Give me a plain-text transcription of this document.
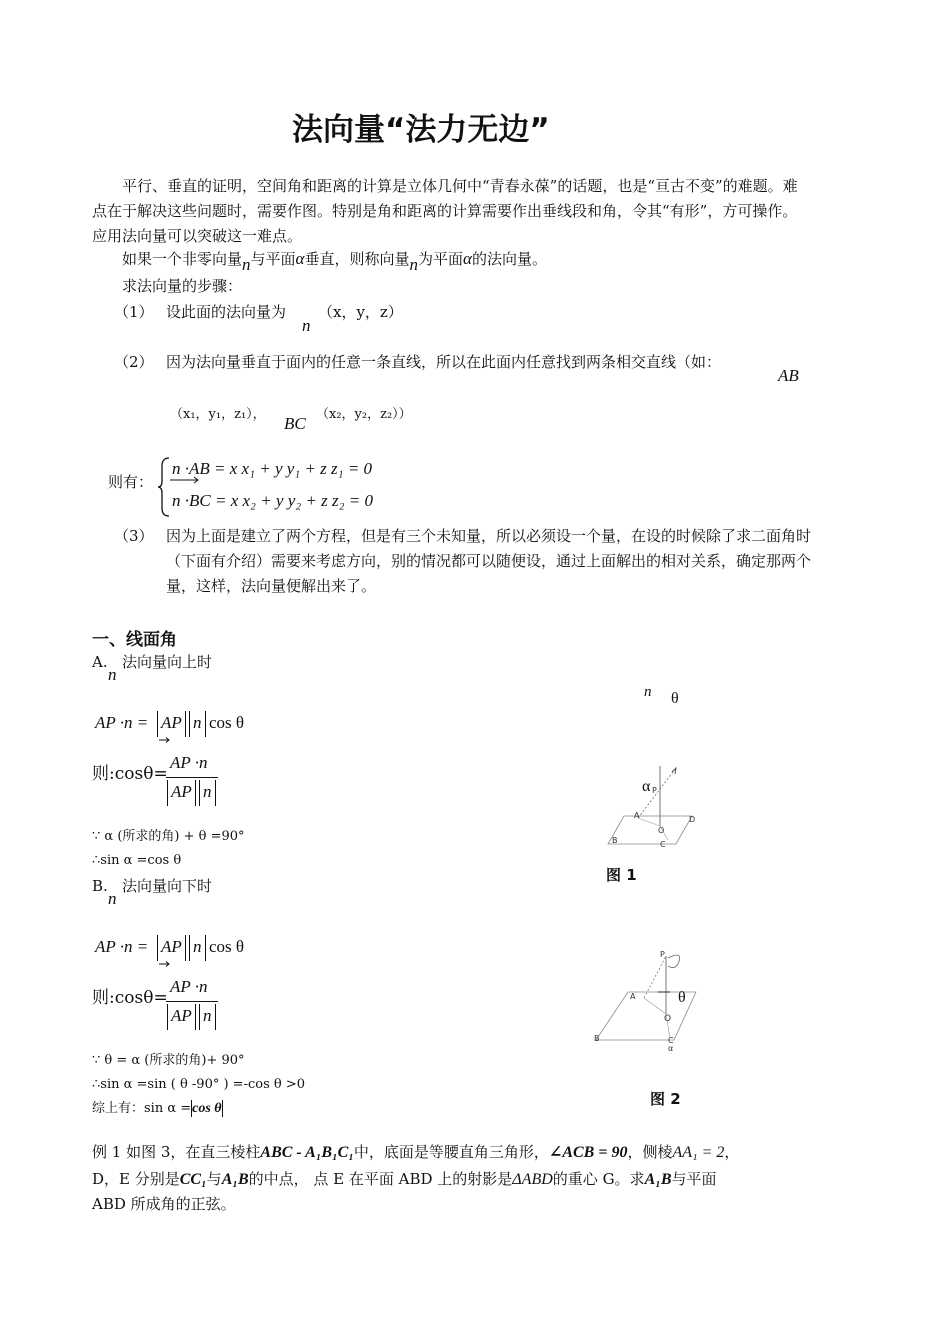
法向量“法力无边”
平行、垂直的证明，空间角和距离的计算是立体几何中“青春永葆”的话题，也是“亘古不变”的难题。难点在于解决这些问题时，需要作图。特别是角和距离的计算需要作出垂线段和角，令其“有形”，方可操作。应用法向量可以突破这一难点。
如果一个非零向量n与平面α垂直，则称向量n为平面α的法向量。
求法向量的步骤：
（1） 设此面的法向量为
n
（x，y，z）
（2） 因为法向量垂直于面内的任意一条直线，所以在此面内任意找到两条相交直线（如：
AB
（x₁，y₁，z₁）， BC （x₂，y₂，z₂））
则有：
n ·AB = x x₁ + y y₁ + z z₁ = 0
n ·BC = x x₂ + y y₂ + z z₂ = 0
（3） 因为上面是建立了两个方程，但是有三个未知量，所以必须设一个量，在设的时候除了求二面角时（下面有介绍）需要来考虑方向，别的情况都可以随便设，通过上面解出的相对关系，确定那两个量，这样，法向量便解出来了。
一、线面角
A. 法向量向上时
n
AP ·n = AP n cos θ
则:cosθ=
AP ·n
AP n
∵ α (所求的角) + θ =90°
∴sin α =cos θ
B. 法向量向下时
n
AP ·n = AP n cos θ
则:cosθ=
AP ·n
AP n
∵ θ = α (所求的角)+ 90°
∴sin α =sin ( θ -90° ) =-cos θ >0
综上有：sin α =cos θ
n θ
α
A
P
O
D
B	C
图 1
P
A	θ
O
B	C
α
图 2
例 1 如图 3，在直三棱柱ABC - A₁B₁C₁中，底面是等腰直角三角形，∠ACB = 90，侧棱AA₁ = 2，
D，E 分别是CC₁与A₁B的中点， 点 E 在平面 ABD 上的射影是ΔABD的重心 G。求A₁B与平面
ABD 所成角的正弦。
